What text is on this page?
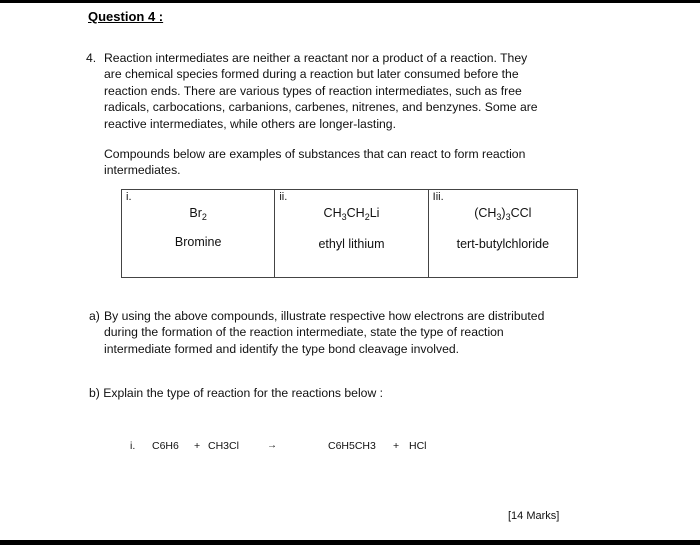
Question 4 :
4. Reaction intermediates are neither a reactant nor a product of a reaction. They
are chemical species formed during a reaction but later consumed before the
reaction ends. There are various types of reaction intermediates, such as free
radicals, carbocations, carbanions, carbenes, nitrenes, and benzynes. Some are
reactive intermediates, while others are longer-lasting.
Compounds below are examples of substances that can react to form reaction
intermediates.
i.
$Br_2$
Bromine
ii.
$CH_3CH_2Li$
ethyl lithium
Iii.
$(CH_3)_3CCl$
tert-butylchloride
a) By using the above compounds, illustrate respective how electrons are distributed
during the formation of the reaction intermediate, state the type of reaction
intermediate formed and identify the type bond cleavage involved.
b) Explain the type of reaction for the reactions below :
i. C6H6 + CH3Cl	→	C6H5CH3 + HCl
[14 Marks]
